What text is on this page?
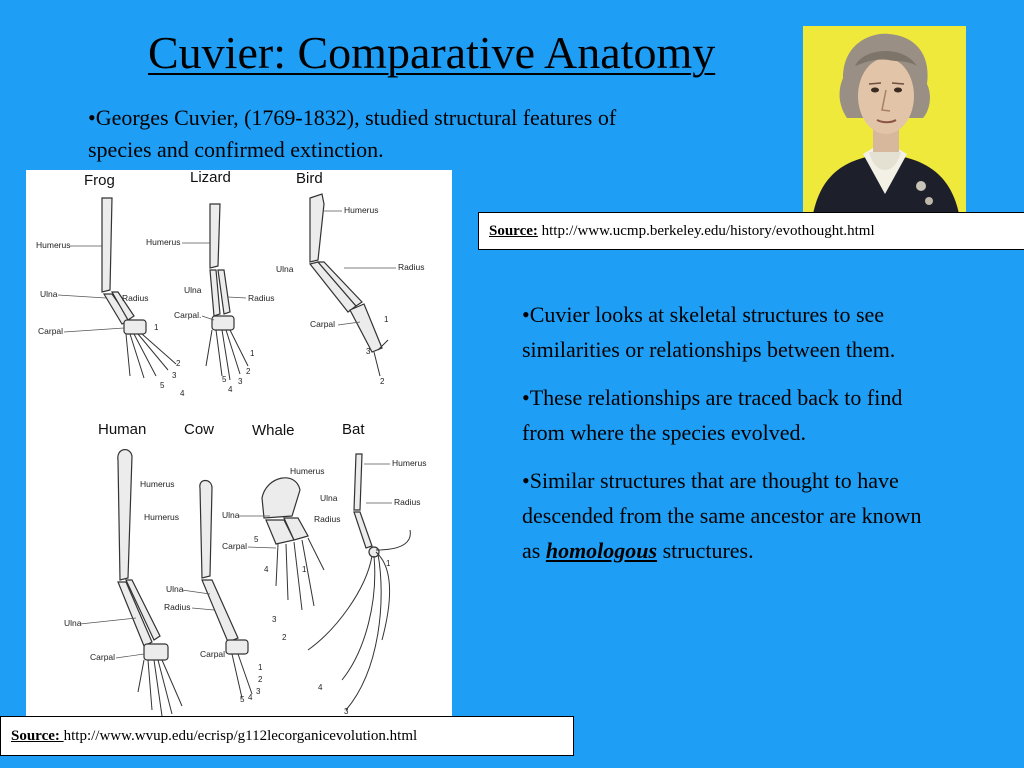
Cuvier: Comparative Anatomy
•Georges Cuvier, (1769-1832), studied structural features of species and confirmed extinction.
Source: http://www.ucmp.berkeley.edu/history/evothought.html

•Cuvier looks at skeletal structures to see similarities or relationships between them.

•These relationships are traced back to find from where the species evolved.

•Similar structures that are thought to have descended from the same ancestor are known as homologous structures.

Frog	Lizard	Bird
Humerus
Ulna	Radius
Carpal	1
2
3
5
4
Humerus
Ulna
Radius
Carpal.
1
2
3
5
4
Humerus
Ulna	Radius
Carpal	1
3
2
Human	Cow	Whale	Bat
Humerus
Hurnerus
Ulna
Carpal
Ulna
Radius
Carpal
1
2
5 4
3
Ulna
Carpal
Humerus
Ulna
Radius
5
4	1
3
2
Humerus
Radius
1
4
3
Source: http://www.wvup.edu/ecrisp/g112lecorganicevolution.html
